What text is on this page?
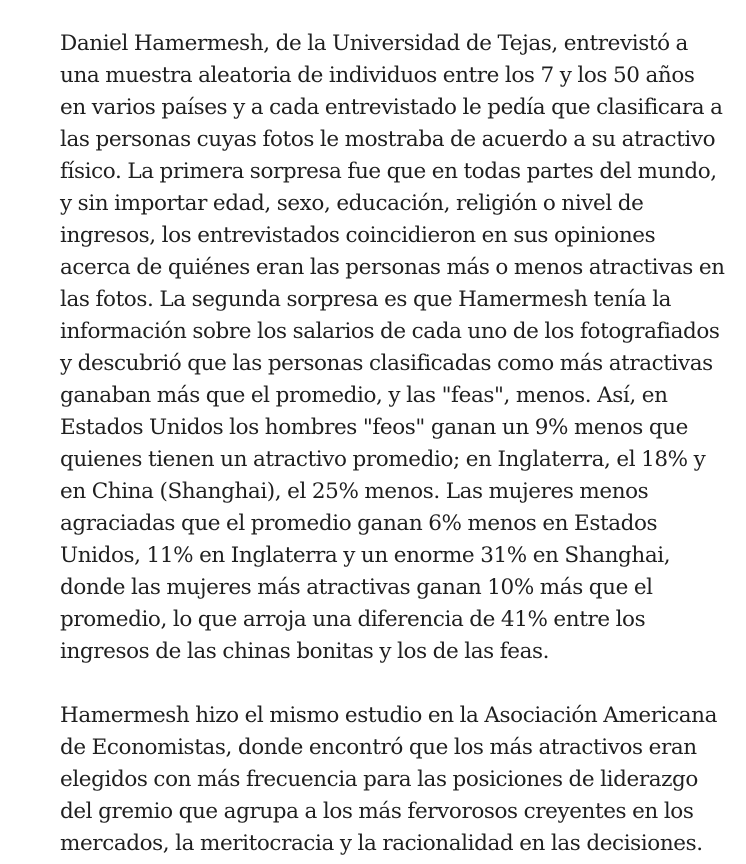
Daniel Hamermesh, de la Universidad de Tejas, entrevistó a una muestra aleatoria de individuos entre los 7 y los 50 años en varios países y a cada entrevistado le pedía que clasificara a las personas cuyas fotos le mostraba de acuerdo a su atractivo físico. La primera sorpresa fue que en todas partes del mundo, y sin importar edad, sexo, educación, religión o nivel de ingresos, los entrevistados coincidieron en sus opiniones acerca de quiénes eran las personas más o menos atractivas en las fotos. La segunda sorpresa es que Hamermesh tenía la información sobre los salarios de cada uno de los fotografiados y descubrió que las personas clasificadas como más atractivas ganaban más que el promedio, y las "feas", menos. Así, en Estados Unidos los hombres "feos" ganan un 9% menos que quienes tienen un atractivo promedio; en Inglaterra, el 18% y en China (Shanghai), el 25% menos. Las mujeres menos agraciadas que el promedio ganan 6% menos en Estados Unidos, 11% en Inglaterra y un enorme 31% en Shanghai, donde las mujeres más atractivas ganan 10% más que el promedio, lo que arroja una diferencia de 41% entre los ingresos de las chinas bonitas y los de las feas.

Hamermesh hizo el mismo estudio en la Asociación Americana de Economistas, donde encontró que los más atractivos eran elegidos con más frecuencia para las posiciones de liderazgo del gremio que agrupa a los más fervorosos creyentes en los mercados, la meritocracia y la racionalidad en las decisiones.
